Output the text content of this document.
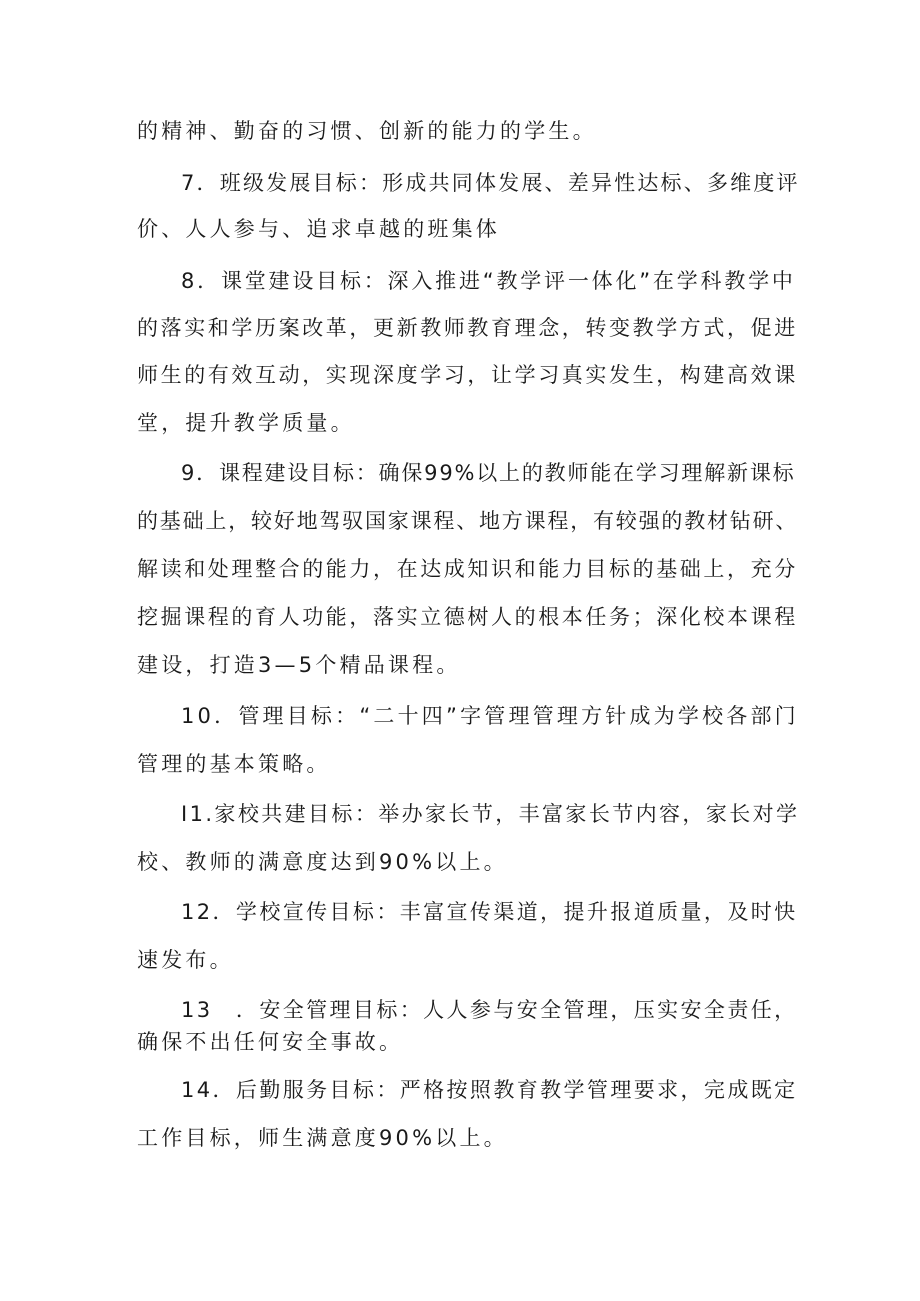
的精神、勤奋的习惯、创新的能力的学生。
7．班级发展目标：形成共同体发展、差异性达标、多维度评
价、人人参与、追求卓越的班集体
8．课堂建设目标：深入推进“教学评一体化”在学科教学中
的落实和学历案改革，更新教师教育理念，转变教学方式，促进
师生的有效互动，实现深度学习，让学习真实发生，构建高效课
堂，提升教学质量。
9．课程建设目标：确保99%以上的教师能在学习理解新课标
的基础上，较好地驾驭国家课程、地方课程，有较强的教材钻研、
解读和处理整合的能力，在达成知识和能力目标的基础上，充分
挖掘课程的育人功能，落实立德树人的根本任务；深化校本课程
建设，打造3—5个精品课程。
10．管理目标：“二十四”字管理管理方针成为学校各部门
管理的基本策略。
I1.家校共建目标：举办家长节，丰富家长节内容，家长对学
校、教师的满意度达到90%以上。
12．学校宣传目标：丰富宣传渠道，提升报道质量，及时快
速发布。
13　．安全管理目标：人人参与安全管理，压实安全责任，
确保不出任何安全事故。
14．后勤服务目标：严格按照教育教学管理要求，完成既定
工作目标，师生满意度90%以上。
